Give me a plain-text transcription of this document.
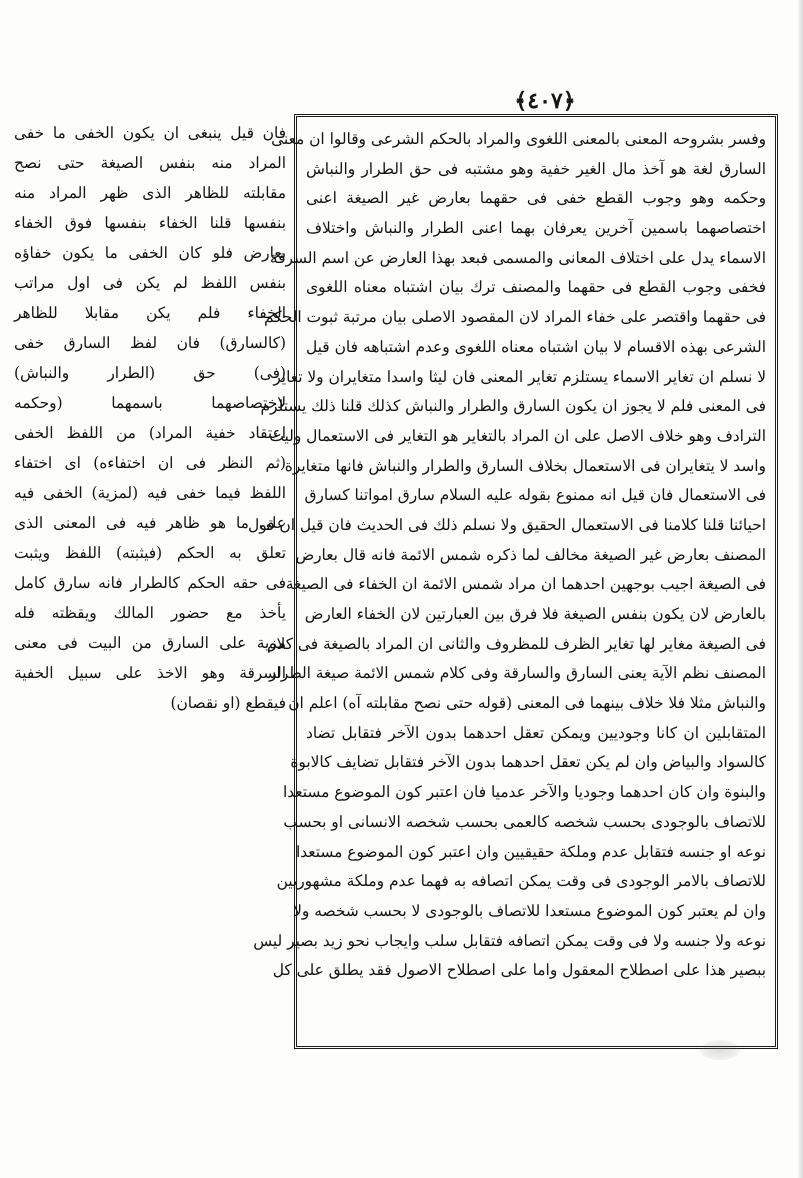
﴿٤٠٧﴾

فان قيل ينبغى ان يكون الخفى ما خفى
المراد منه بنفس الصيغة حتى نصح
مقابلته للظاهر الذى ظهر المراد منه
بنفسها قلنا الخفاء بنفسها فوق الخفاء
بعارض فلو كان الخفى ما يكون خفاؤه
بنفس اللفظ لم يكن فى اول مراتب
الخفاء فلم يكن مقابلا للظاهر
(كالسارق) فان لفظ السارق خفى
(فى) حق (الطرار والنباش)
لاختصاصهما باسمهما (وحكمه
اعتقاد خفية المراد) من اللفظ الخفى
(ثم النظر فى ان اختفاءه) اى اختفاء
اللفظ فيما خفى فيه (لمزية) الخفى فيه
على ما هو ظاهر فيه فى المعنى الذى
تعلق به الحكم (فيثبته) اللفظ ويثبت
فى حقه الحكم كالطرار فانه سارق كامل
يأخذ مع حضور المالك ويقظته فله
مزية على السارق من البيت فى معنى
السرقة وهو الاخذ على سبيل الخفية
فيقطع (او نقصان)

وفسر بشروحه المعنى بالمعنى اللغوى والمراد بالحكم الشرعى وقالوا ان معنى
السارق لغة هو آخذ مال الغير خفية وهو مشتبه فى حق الطرار والنباش
وحكمه وهو وجوب القطع خفى فى حقهما بعارض غير الصيغة اعنى
اختصاصهما باسمين آخرين يعرفان بهما اعنى الطرار والنباش واختلاف
الاسماء يدل على اختلاف المعانى والمسمى فبعد بهذا العارض عن اسم السرقة
فخفى وجوب القطع فى حقهما والمصنف ترك بيان اشتباه معناه اللغوى
فى حقهما واقتصر على خفاء المراد لان المقصود الاصلى بيان مرتبة ثبوت الحكم
الشرعى بهذه الاقسام لا بيان اشتباه معناه اللغوى وعدم اشتباهه فان قيل
لا نسلم ان تغاير الاسماء يستلزم تغاير المعنى فان ليثا واسدا متغايران ولا تغاير
فى المعنى فلم لا يجوز ان يكون السارق والطرار والنباش كذلك قلنا ذلك يستلزم
الترادف وهو خلاف الاصل على ان المراد بالتغاير هو التغاير فى الاستعمال وليث
واسد لا يتغايران فى الاستعمال بخلاف السارق والطرار والنباش فانها متغايرة
فى الاستعمال فان قيل انه ممنوع بقوله عليه السلام سارق امواتنا كسارق
احيائنا قلنا كلامنا فى الاستعمال الحقيق ولا نسلم ذلك فى الحديث فان قيل ان قول
المصنف بعارض غير الصيغة مخالف لما ذكره شمس الائمة فانه قال بعارض
فى الصيغة اجيب بوجهين احدهما ان مراد شمس الائمة ان الخفاء فى الصيغة
بالعارض لان يكون بنفس الصيغة فلا فرق بين العبارتين لان الخفاء العارض
فى الصيغة مغاير لها تغاير الظرف للمظروف والثانى ان المراد بالصيغة فى كلام
المصنف نظم الآية يعنى السارق والسارقة وفى كلام شمس الائمة صيغة الطرار
والنباش مثلا فلا خلاف بينهما فى المعنى (قوله حتى نصح مقابلته آه) اعلم ان
المتقابلين ان كانا وجوديين ويمكن تعقل احدهما بدون الآخر فتقابل تضاد
كالسواد والبياض وان لم يكن تعقل احدهما بدون الآخر فتقابل تضايف كالابوة
والبنوة وان كان احدهما وجوديا والآخر عدميا فان اعتبر كون الموضوع مستعدا
للاتصاف بالوجودى بحسب شخصه كالعمى بحسب شخصه الانسانى او بحسب
نوعه او جنسه فتقابل عدم وملكة حقيقيين وان اعتبر كون الموضوع مستعدا
للاتصاف بالامر الوجودى فى وقت يمكن اتصافه به فهما عدم وملكة مشهوريين
وان لم يعتبر كون الموضوع مستعدا للاتصاف بالوجودى لا بحسب شخصه ولا
نوعه ولا جنسه ولا فى وقت يمكن اتصافه فتقابل سلب وايجاب نحو زيد بصير ليس
ببصير هذا على اصطلاح المعقول واما على اصطلاح الاصول فقد يطلق على كل
